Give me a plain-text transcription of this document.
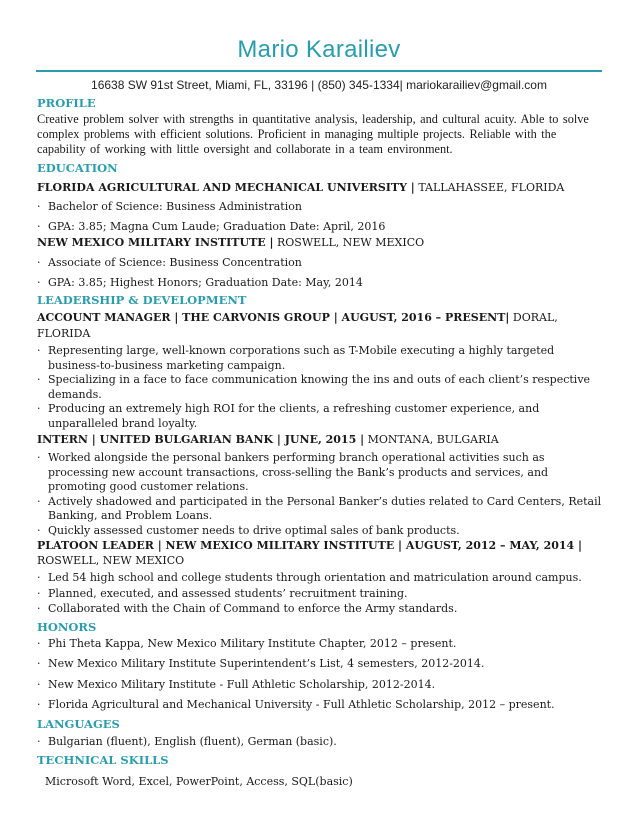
Mario Karailiev
16638 SW 91st Street, Miami, FL, 33196 | (850) 345-1334| mariokarailiev@gmail.com
PROFILE
Creative problem solver with strengths in quantitative analysis, leadership, and cultural acuity. Able to solve complex problems with efficient solutions. Proficient in managing multiple projects. Reliable with the capability of working with little oversight and collaborate in a team environment.
EDUCATION
FLORIDA AGRICULTURAL AND MECHANICAL UNIVERSITY | TALLAHASSEE, FLORIDA
· Bachelor of Science: Business Administration
· GPA: 3.85; Magna Cum Laude; Graduation Date: April, 2016
NEW MEXICO MILITARY INSTITUTE | ROSWELL, NEW MEXICO
· Associate of Science: Business Concentration
· GPA: 3.85; Highest Honors; Graduation Date: May, 2014
LEADERSHIP & DEVELOPMENT
ACCOUNT MANAGER | THE CARVONIS GROUP | AUGUST, 2016 – PRESENT| DORAL, FLORIDA
· Representing large, well-known corporations such as T-Mobile executing a highly targeted business-to-business marketing campaign.
· Specializing in a face to face communication knowing the ins and outs of each client’s respective demands.
· Producing an extremely high ROI for the clients, a refreshing customer experience, and unparalleled brand loyalty.
INTERN | UNITED BULGARIAN BANK | JUNE, 2015 | MONTANA, BULGARIA
· Worked alongside the personal bankers performing branch operational activities such as processing new account transactions, cross-selling the Bank’s products and services, and promoting good customer relations.
· Actively shadowed and participated in the Personal Banker’s duties related to Card Centers, Retail Banking, and Problem Loans.
· Quickly assessed customer needs to drive optimal sales of bank products.
PLATOON LEADER | NEW MEXICO MILITARY INSTITUTE | AUGUST, 2012 – MAY, 2014 | ROSWELL, NEW MEXICO
· Led 54 high school and college students through orientation and matriculation around campus.
· Planned, executed, and assessed students’ recruitment training.
· Collaborated with the Chain of Command to enforce the Army standards.
HONORS
· Phi Theta Kappa, New Mexico Military Institute Chapter, 2012 – present.
· New Mexico Military Institute Superintendent’s List, 4 semesters, 2012-2014.
· New Mexico Military Institute - Full Athletic Scholarship, 2012-2014.
· Florida Agricultural and Mechanical University - Full Athletic Scholarship, 2012 – present.
LANGUAGES
· Bulgarian (fluent), English (fluent), German (basic).
TECHNICAL SKILLS
Microsoft Word, Excel, PowerPoint, Access, SQL(basic)
